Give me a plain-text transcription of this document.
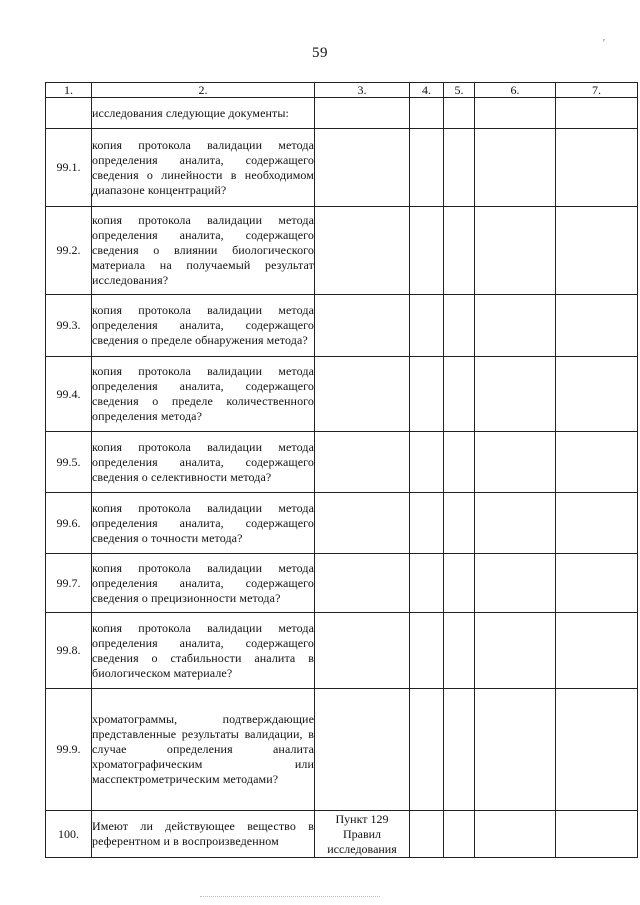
59
'
1.	2.	3.	4.	5.	6.	7.
	исследования следующие документы:					
99.1.	копия протокола валидации метода определения аналита, содержащего сведения о линейности в необходимом диапазоне концентраций?					
99.2.	копия протокола валидации метода определения аналита, содержащего сведения о влиянии биологического материала на получаемый результат исследования?					
99.3.	копия протокола валидации метода определения аналита, содержащего сведения о пределе обнаружения метода?					
99.4.	копия протокола валидации метода определения аналита, содержащего сведения о пределе количественного определения метода?					
99.5.	копия протокола валидации метода определения аналита, содержащего сведения о селективности метода?					
99.6.	копия протокола валидации метода определения аналита, содержащего сведения о точности метода?					
99.7.	копия протокола валидации метода определения аналита, содержащего сведения о прецизионности метода?					
99.8.	копия протокола валидации метода определения аналита, содержащего сведения о стабильности аналита в биологическом материале?					
99.9.	хроматограммы, подтверждающие представленные результаты валидации, в случае определения аналита хроматографическим или масспектрометрическим методами?					
100.	Имеют ли действующее вещество в референтном и в воспроизведенном	Пункт 129 Правил исследования				
